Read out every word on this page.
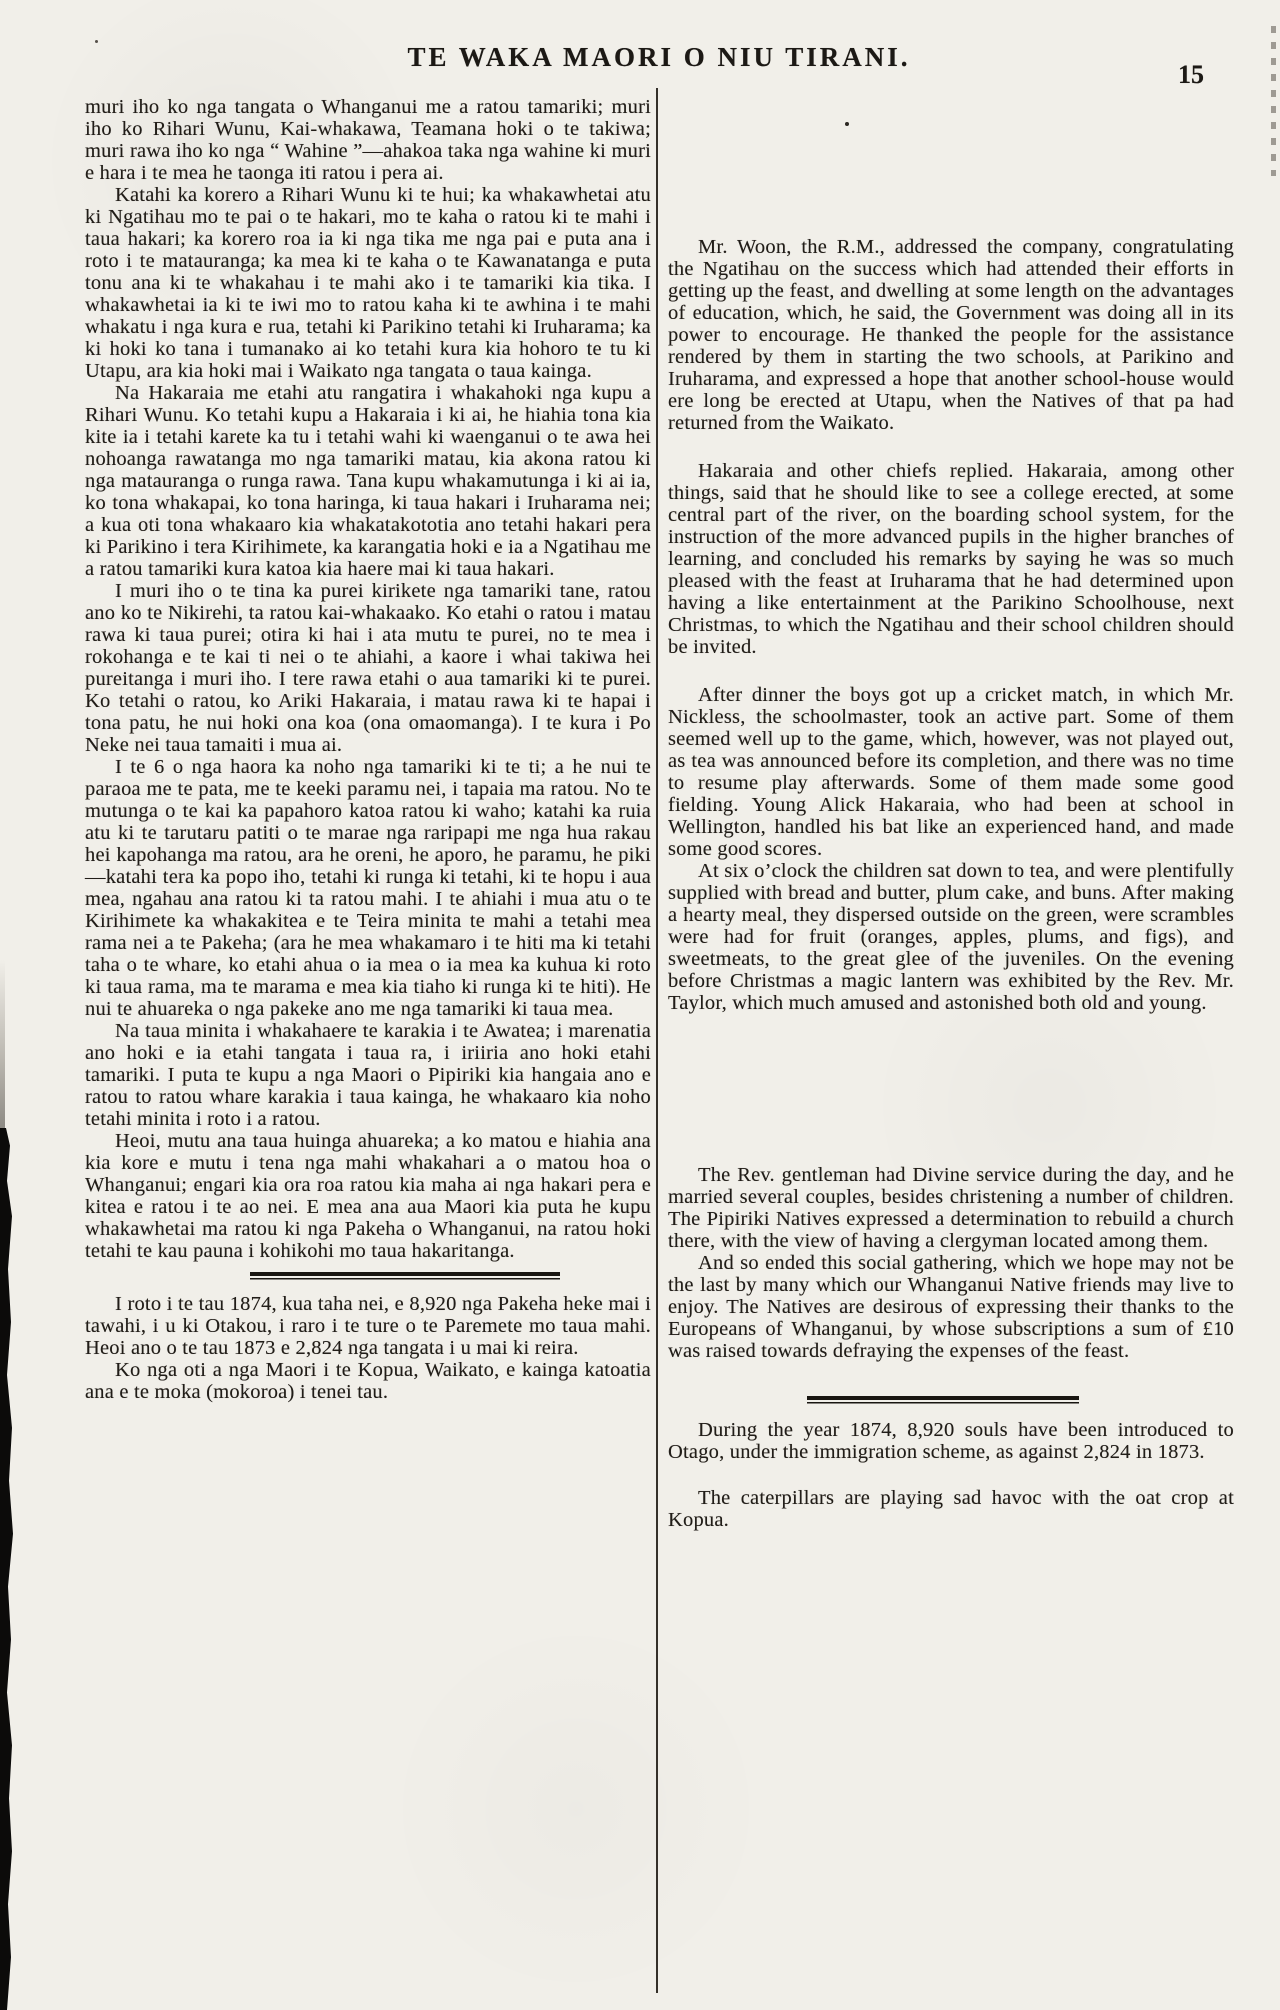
TE WAKA MAORI O NIU TIRANI.
15

muri iho ko nga tangata o Whanganui me a ratou tamariki; muri iho ko Rihari Wunu, Kai-whakawa, Teamana hoki o te takiwa; muri rawa iho ko nga “ Wahine ”—ahakoa taka nga wahine ki muri e hara i te mea he taonga iti ratou i pera ai.

Katahi ka korero a Rihari Wunu ki te hui; ka whakawhetai atu ki Ngatihau mo te pai o te hakari, mo te kaha o ratou ki te mahi i taua hakari; ka korero roa ia ki nga tika me nga pai e puta ana i roto i te matauranga; ka mea ki te kaha o te Kawanatanga e puta tonu ana ki te whakahau i te mahi ako i te tamariki kia tika. I whakawhetai ia ki te iwi mo to ratou kaha ki te awhina i te mahi whakatu i nga kura e rua, tetahi ki Parikino tetahi ki Iruharama; ka ki hoki ko tana i tumanako ai ko tetahi kura kia hohoro te tu ki Utapu, ara kia hoki mai i Waikato nga tangata o taua kainga.

Na Hakaraia me etahi atu rangatira i whakahoki nga kupu a Rihari Wunu. Ko tetahi kupu a Hakaraia i ki ai, he hiahia tona kia kite ia i tetahi karete ka tu i tetahi wahi ki waenganui o te awa hei nohoanga rawatanga mo nga tamariki matau, kia akona ratou ki nga matauranga o runga rawa. Tana kupu whakamutunga i ki ai ia, ko tona whakapai, ko tona haringa, ki taua hakari i Iruharama nei; a kua oti tona whakaaro kia whakatakototia ano tetahi hakari pera ki Parikino i tera Kirihimete, ka karangatia hoki e ia a Ngatihau me a ratou tamariki kura katoa kia haere mai ki taua hakari.

I muri iho o te tina ka purei kirikete nga tamariki tane, ratou ano ko te Nikirehi, ta ratou kai-whakaako. Ko etahi o ratou i matau rawa ki taua purei; otira ki hai i ata mutu te purei, no te mea i rokohanga e te kai ti nei o te ahiahi, a kaore i whai takiwa hei pureitanga i muri iho. I tere rawa etahi o aua tamariki ki te purei. Ko tetahi o ratou, ko Ariki Hakaraia, i matau rawa ki te hapai i tona patu, he nui hoki ona koa (ona omaomanga). I te kura i Po Neke nei taua tamaiti i mua ai.

I te 6 o nga haora ka noho nga tamariki ki te ti; a he nui te paraoa me te pata, me te keeki paramu nei, i tapaia ma ratou. No te mutunga o te kai ka papahoro katoa ratou ki waho; katahi ka ruia atu ki te tarutaru patiti o te marae nga raripapi me nga hua rakau hei kapohanga ma ratou, ara he oreni, he aporo, he paramu, he piki—katahi tera ka popo iho, tetahi ki runga ki tetahi, ki te hopu i aua mea, ngahau ana ratou ki ta ratou mahi. I te ahiahi i mua atu o te Kirihimete ka whakakitea e te Teira minita te mahi a tetahi mea rama nei a te Pakeha; (ara he mea whakamaro i te hiti ma ki tetahi taha o te whare, ko etahi ahua o ia mea o ia mea ka kuhua ki roto ki taua rama, ma te marama e mea kia tiaho ki runga ki te hiti). He nui te ahuareka o nga pakeke ano me nga tamariki ki taua mea.

Na taua minita i whakahaere te karakia i te Awatea; i marenatia ano hoki e ia etahi tangata i taua ra, i iriiria ano hoki etahi tamariki. I puta te kupu a nga Maori o Pipiriki kia hangaia ano e ratou to ratou whare karakia i taua kainga, he whakaaro kia noho tetahi minita i roto i a ratou.

Heoi, mutu ana taua huinga ahuareka; a ko matou e hiahia ana kia kore e mutu i tena nga mahi whakahari a o matou hoa o Whanganui; engari kia ora roa ratou kia maha ai nga hakari pera e kitea e ratou i te ao nei. E mea ana aua Maori kia puta he kupu whakawhetai ma ratou ki nga Pakeha o Whanganui, na ratou hoki tetahi te kau pauna i kohikohi mo taua hakaritanga.

I roto i te tau 1874, kua taha nei, e 8,920 nga Pakeha heke mai i tawahi, i u ki Otakou, i raro i te ture o te Paremete mo taua mahi. Heoi ano o te tau 1873 e 2,824 nga tangata i u mai ki reira.

Ko nga oti a nga Maori i te Kopua, Waikato, e kainga katoatia ana e te moka (mokoroa) i tenei tau.

Mr. Woon, the R.M., addressed the company, congratulating the Ngatihau on the success which had attended their efforts in getting up the feast, and dwelling at some length on the advantages of education, which, he said, the Government was doing all in its power to encourage. He thanked the people for the assistance rendered by them in starting the two schools, at Parikino and Iruharama, and expressed a hope that another school-house would ere long be erected at Utapu, when the Natives of that pa had returned from the Waikato.

Hakaraia and other chiefs replied. Hakaraia, among other things, said that he should like to see a college erected, at some central part of the river, on the boarding school system, for the instruction of the more advanced pupils in the higher branches of learning, and concluded his remarks by saying he was so much pleased with the feast at Iruharama that he had determined upon having a like entertainment at the Parikino Schoolhouse, next Christmas, to which the Ngatihau and their school children should be invited.

After dinner the boys got up a cricket match, in which Mr. Nickless, the schoolmaster, took an active part. Some of them seemed well up to the game, which, however, was not played out, as tea was announced before its completion, and there was no time to resume play afterwards. Some of them made some good fielding. Young Alick Hakaraia, who had been at school in Wellington, handled his bat like an experienced hand, and made some good scores.

At six o’clock the children sat down to tea, and were plentifully supplied with bread and butter, plum cake, and buns. After making a hearty meal, they dispersed outside on the green, were scrambles were had for fruit (oranges, apples, plums, and figs), and sweetmeats, to the great glee of the juveniles. On the evening before Christmas a magic lantern was exhibited by the Rev. Mr. Taylor, which much amused and astonished both old and young.

The Rev. gentleman had Divine service during the day, and he married several couples, besides christening a number of children. The Pipiriki Natives expressed a determination to rebuild a church there, with the view of having a clergyman located among them.

And so ended this social gathering, which we hope may not be the last by many which our Whanganui Native friends may live to enjoy. The Natives are desirous of expressing their thanks to the Europeans of Whanganui, by whose subscriptions a sum of £10 was raised towards defraying the expenses of the feast.

During the year 1874, 8,920 souls have been introduced to Otago, under the immigration scheme, as against 2,824 in 1873.

The caterpillars are playing sad havoc with the oat crop at Kopua.
